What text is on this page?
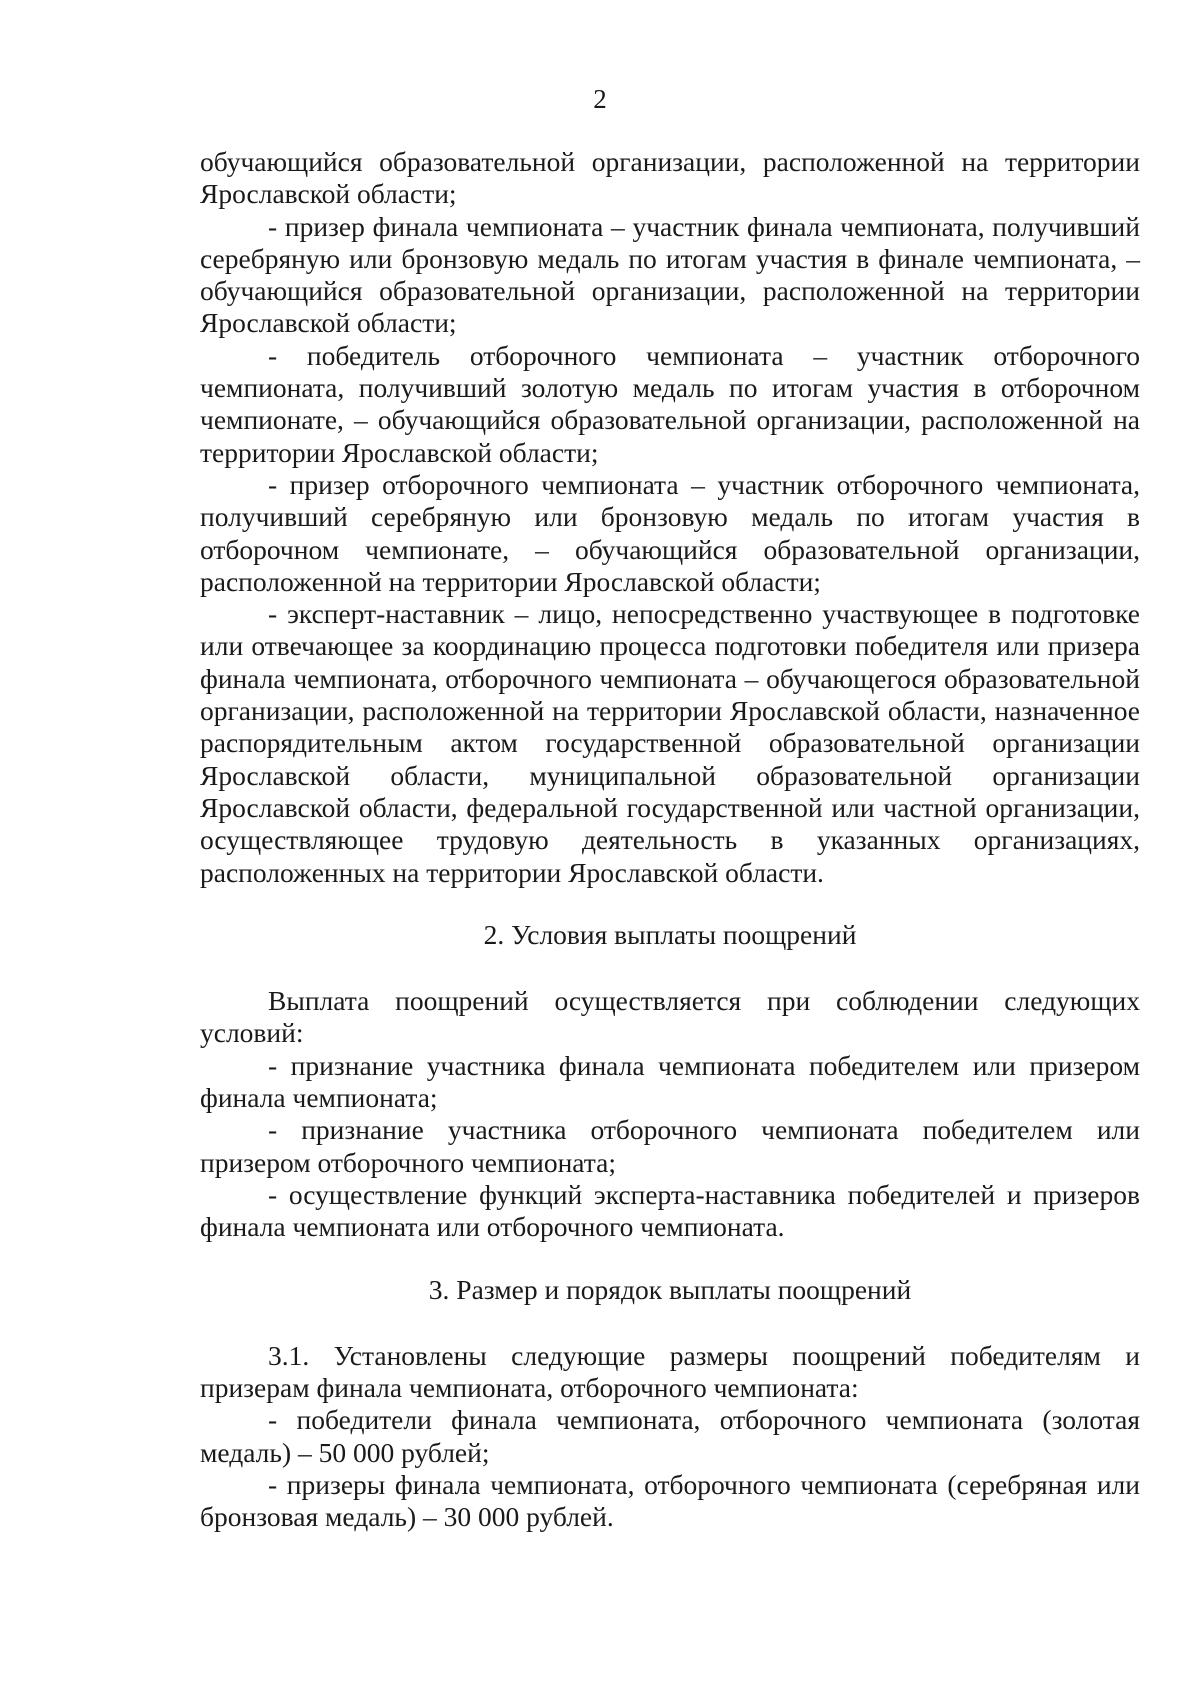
2

обучающийся образовательной организации, расположенной на территории Ярославской области;

- призер финала чемпионата – участник финала чемпионата, получивший серебряную или бронзовую медаль по итогам участия в финале чемпионата, – обучающийся образовательной организации, расположенной на территории Ярославской области;

- победитель отборочного чемпионата – участник отборочного чемпионата, получивший золотую медаль по итогам участия в отборочном чемпионате, – обучающийся образовательной организации, расположенной на территории Ярославской области;

- призер отборочного чемпионата – участник отборочного чемпионата, получивший серебряную или бронзовую медаль по итогам участия в отборочном чемпионате, – обучающийся образовательной организации, расположенной на территории Ярославской области;

- эксперт-наставник – лицо, непосредственно участвующее в подготовке или отвечающее за координацию процесса подготовки победителя или призера финала чемпионата, отборочного чемпионата – обучающегося образовательной организации, расположенной на территории Ярославской области, назначенное распорядительным актом государственной образовательной организации Ярославской области, муниципальной образовательной организации Ярославской области, федеральной государственной или частной организации, осуществляющее трудовую деятельность в указанных организациях, расположенных на территории Ярославской области.

2. Условия выплаты поощрений

Выплата поощрений осуществляется при соблюдении следующих условий:

- признание участника финала чемпионата победителем или призером финала чемпионата;

- признание участника отборочного чемпионата победителем или призером отборочного чемпионата;

- осуществление функций эксперта-наставника победителей и призеров финала чемпионата или отборочного чемпионата.

3. Размер и порядок выплаты поощрений

3.1. Установлены следующие размеры поощрений победителям и призерам финала чемпионата, отборочного чемпионата:

- победители финала чемпионата, отборочного чемпионата (золотая медаль) – 50 000 рублей;

- призеры финала чемпионата, отборочного чемпионата (серебряная или бронзовая медаль) – 30 000 рублей.
